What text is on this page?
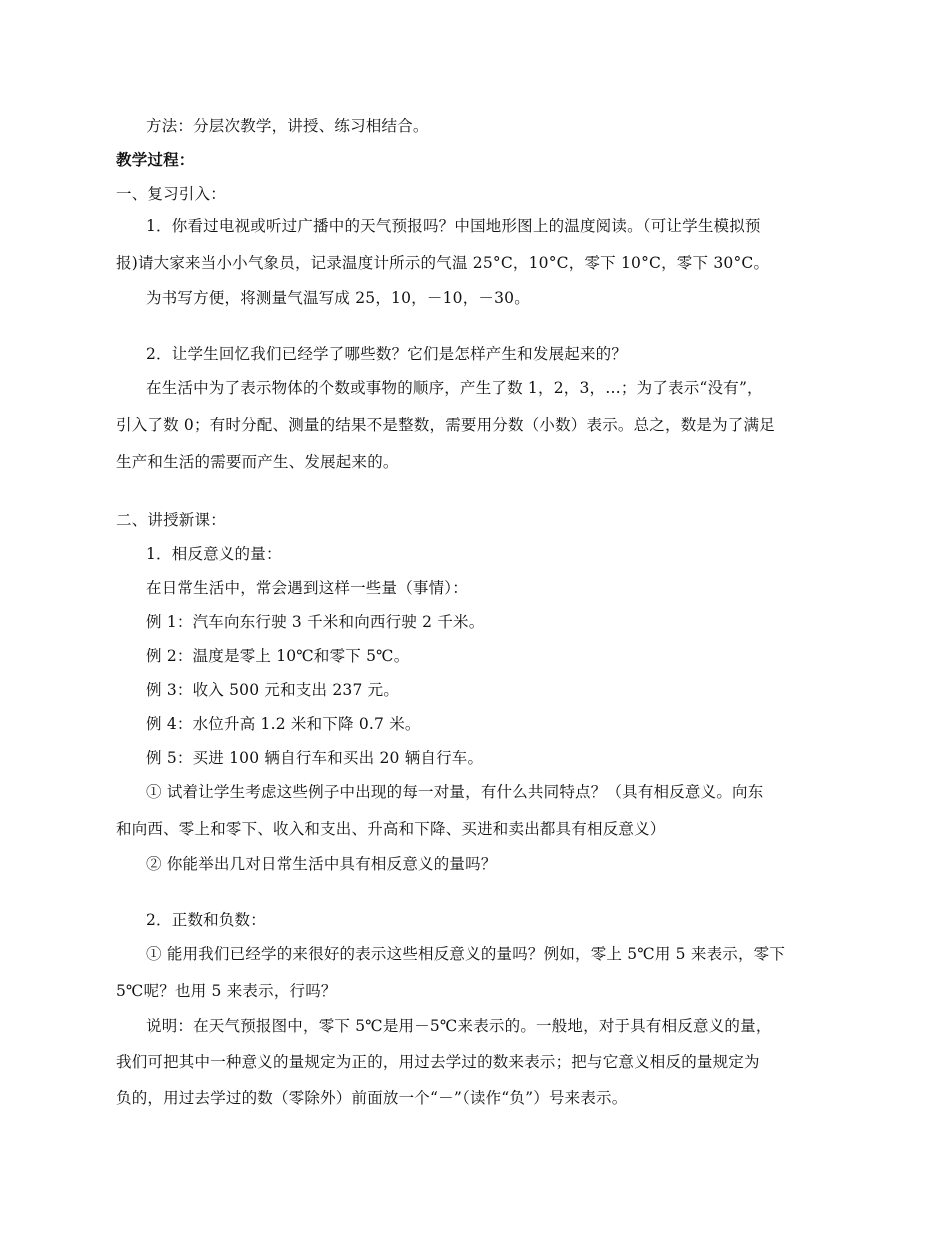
方法：分层次教学，讲授、练习相结合。
教学过程：
一、复习引入：
1．你看过电视或听过广播中的天气预报吗？中国地形图上的温度阅读。（可让学生模拟预
报)请大家来当小小气象员，记录温度计所示的气温 25°C，10°C，零下 10°C，零下 30°C。
为书写方便，将测量气温写成 25，10，－10，－30。
2．让学生回忆我们已经学了哪些数？它们是怎样产生和发展起来的？
在生活中为了表示物体的个数或事物的顺序，产生了数 1，2，3，…；为了表示“没有”，
引入了数 0；有时分配、测量的结果不是整数，需要用分数（小数）表示。总之，数是为了满足
生产和生活的需要而产生、发展起来的。
二、讲授新课：
1．相反意义的量：
在日常生活中，常会遇到这样一些量（事情）：
例 1：汽车向东行驶 3 千米和向西行驶 2 千米。
例 2：温度是零上 10℃和零下 5℃。
例 3：收入 500 元和支出 237 元。
例 4：水位升高 1.2 米和下降 0.7 米。
例 5：买进 100 辆自行车和买出 20 辆自行车。
① 试着让学生考虑这些例子中出现的每一对量，有什么共同特点？（具有相反意义。向东
和向西、零上和零下、收入和支出、升高和下降、买进和卖出都具有相反意义）
② 你能举出几对日常生活中具有相反意义的量吗？
2．正数和负数：
① 能用我们已经学的来很好的表示这些相反意义的量吗？例如，零上 5℃用 5 来表示，零下
5℃呢？也用 5 来表示，行吗？
说明：在天气预报图中，零下 5℃是用－5℃来表示的。一般地，对于具有相反意义的量，
我们可把其中一种意义的量规定为正的，用过去学过的数来表示；把与它意义相反的量规定为
负的，用过去学过的数（零除外）前面放一个“－”（读作“负”）号来表示。
